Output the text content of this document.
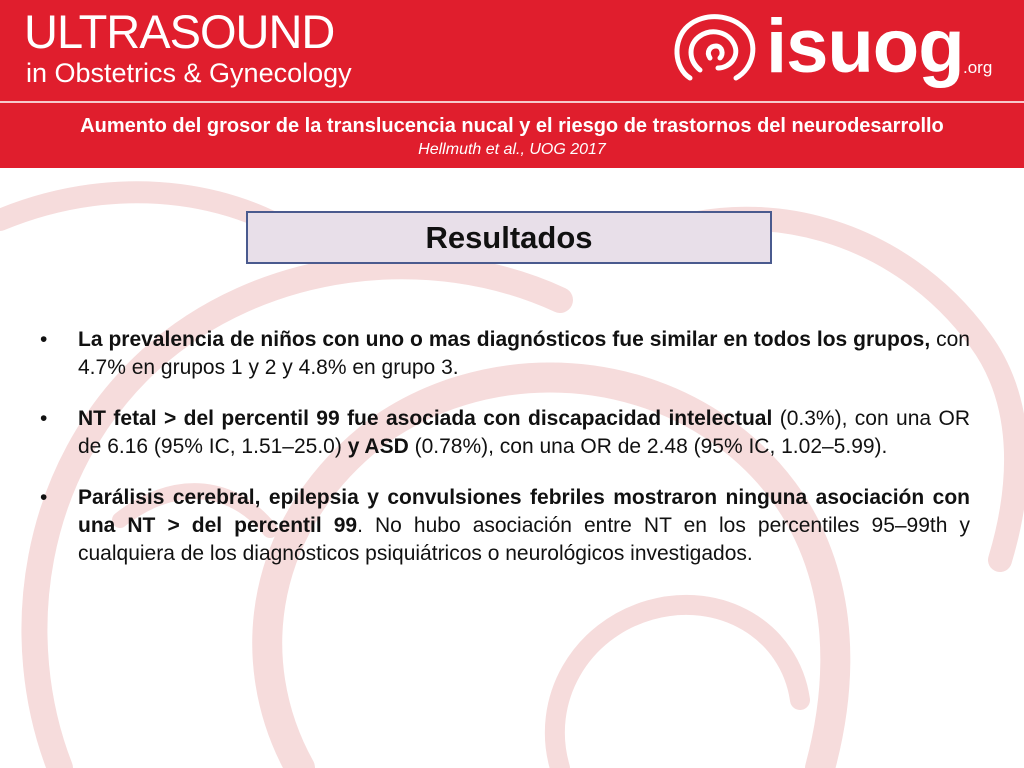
ULTRASOUND
in Obstetrics & Gynecology	isuog .org
Aumento del grosor de la translucencia nucal y el riesgo de trastornos del neurodesarrollo
Hellmuth et al., UOG 2017
Resultados
•	La prevalencia de niños con uno o mas diagnósticos fue similar en todos los grupos, con 4.7% en grupos 1 y 2 y 4.8% en grupo 3.
•	NT fetal > del percentil 99 fue asociada con discapacidad intelectual (0.3%), con una OR de 6.16 (95% IC, 1.51–25.0) y ASD (0.78%), con una OR de 2.48 (95% IC, 1.02–5.99).
•	Parálisis cerebral, epilepsia y convulsiones febriles mostraron ninguna asociación con una NT > del percentil 99. No hubo asociación entre NT en los percentiles 95–99th y cualquiera de los diagnósticos psiquiátricos o neurológicos investigados.
